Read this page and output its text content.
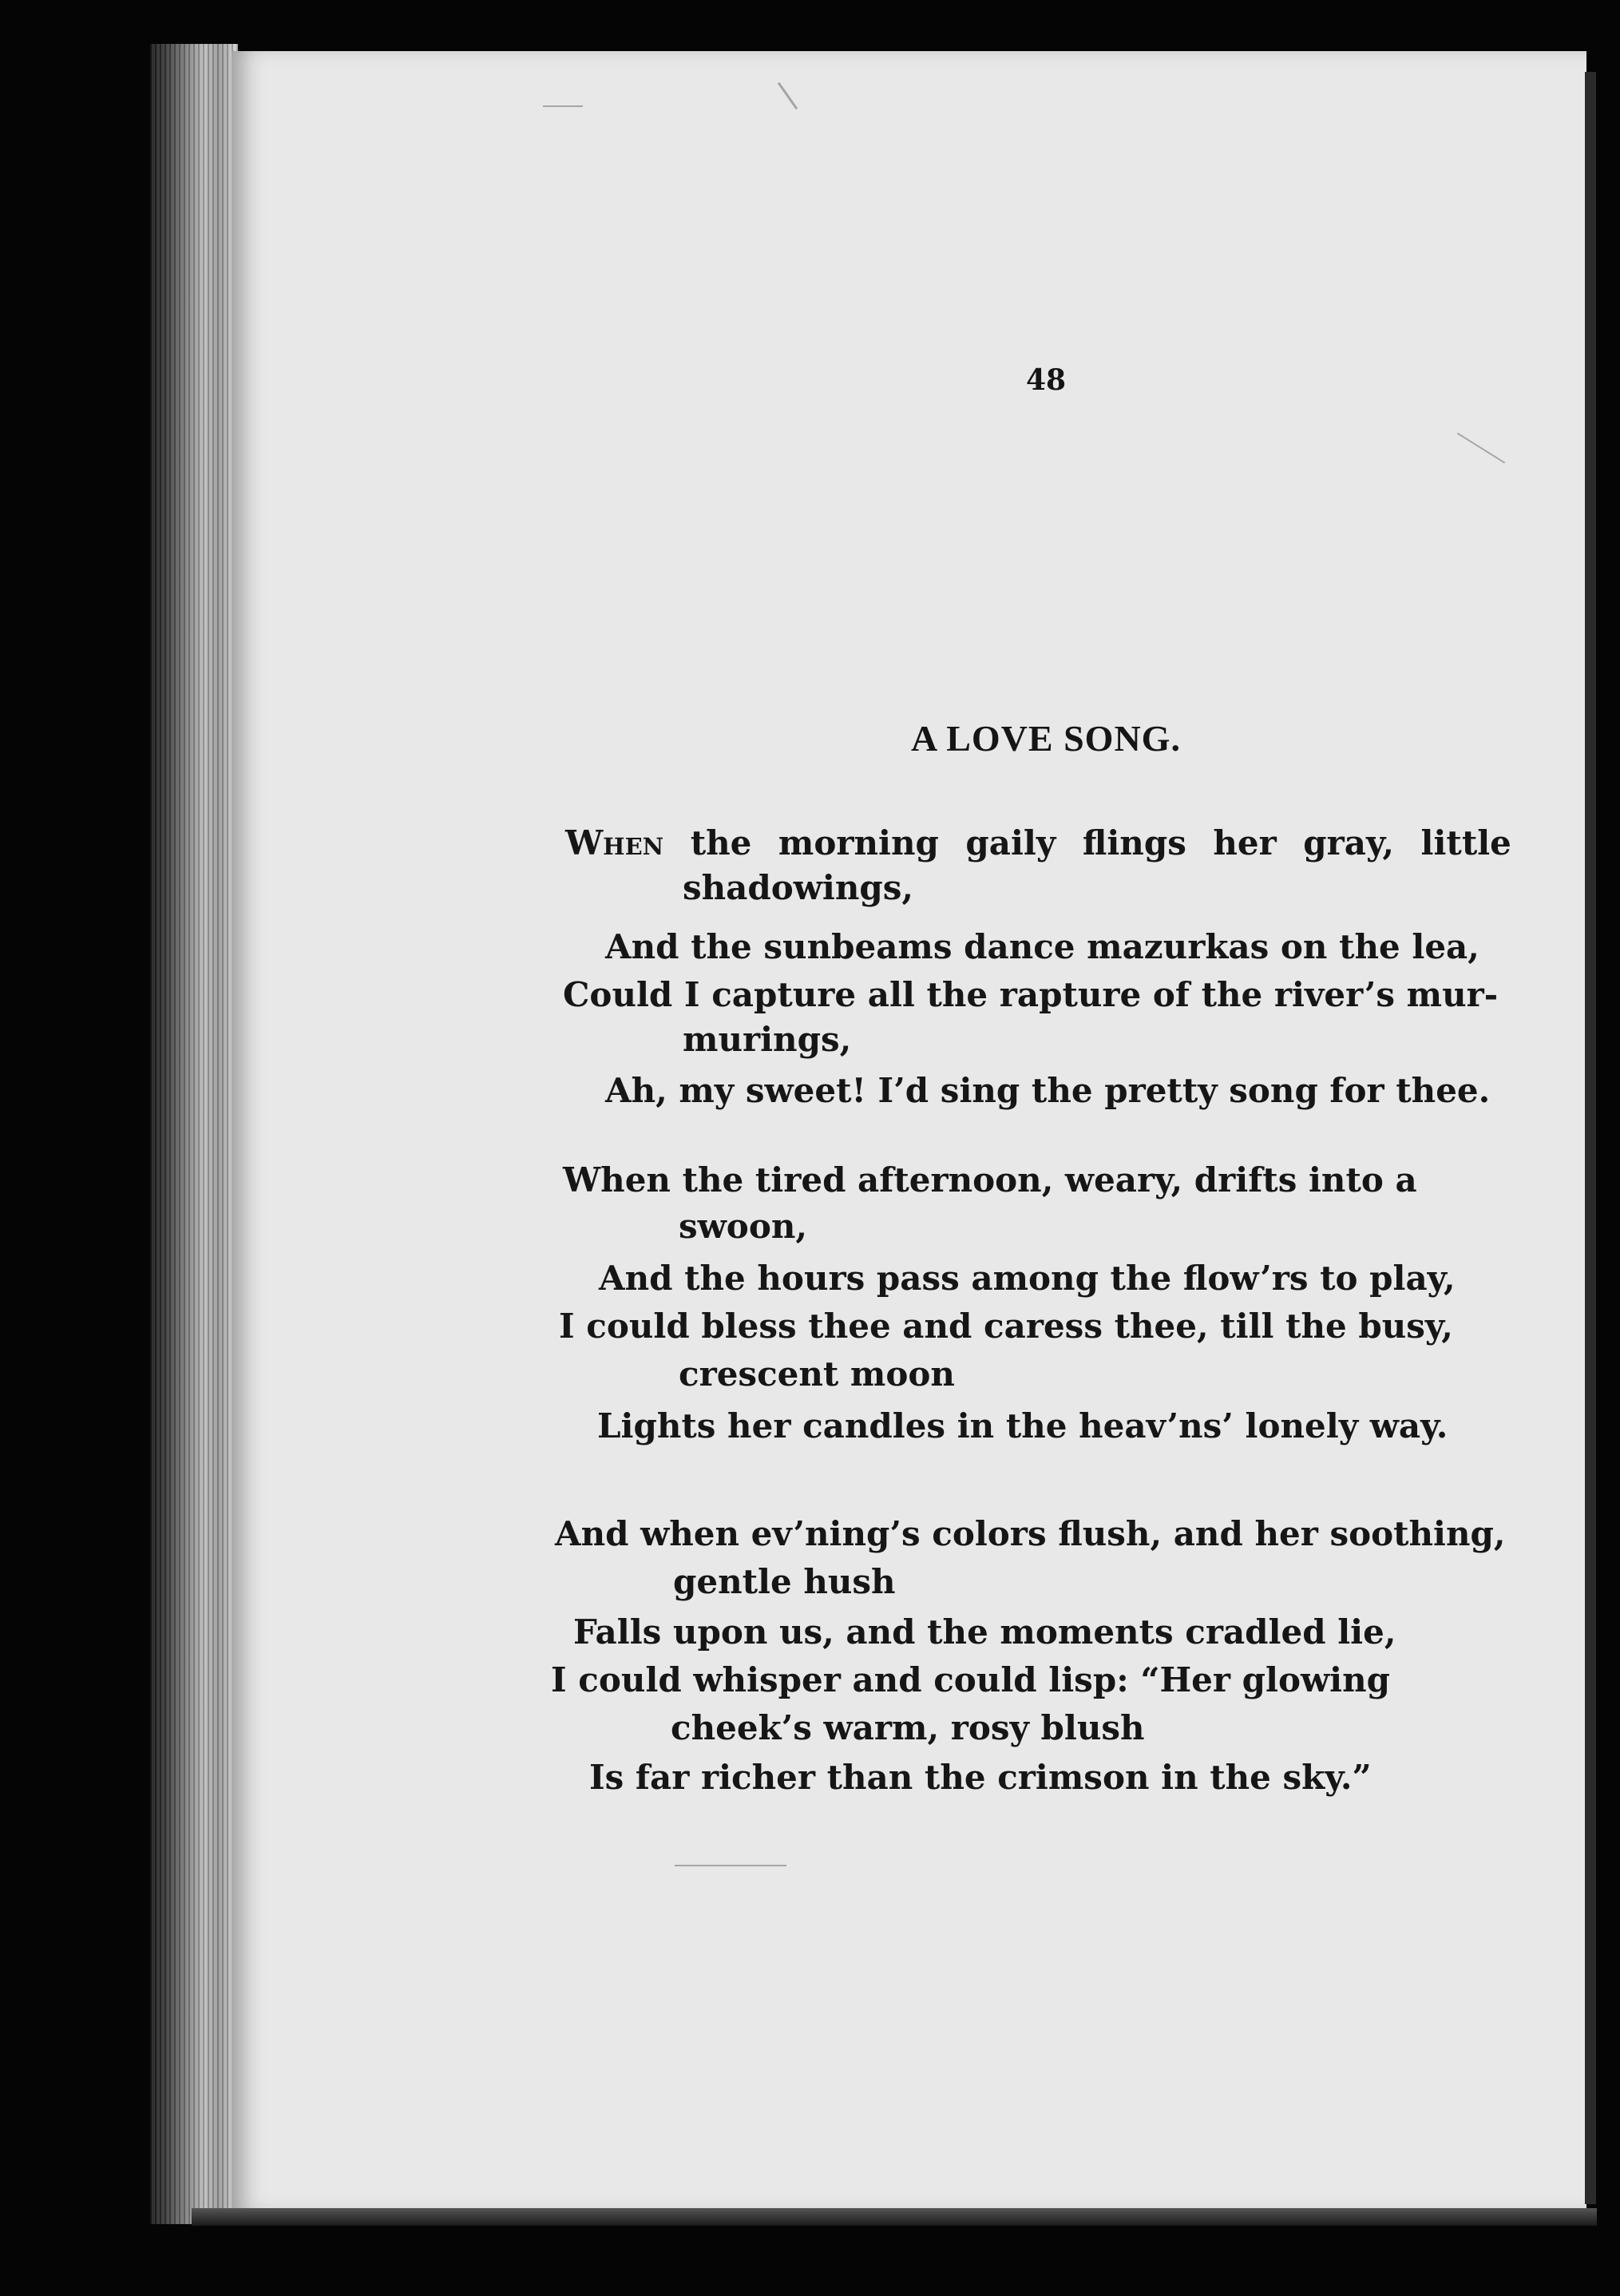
48
A LOVE SONG.
When the morning gaily flings her gray, little
shadowings,
And the sunbeams dance mazurkas on the lea,
Could I capture all the rapture of the river’s mur-
murings,
Ah, my sweet! I’d sing the pretty song for thee.
When the tired afternoon, weary, drifts into a
swoon,
And the hours pass among the flow’rs to play,
I could bless thee and caress thee, till the busy,
crescent moon
Lights her candles in the heav’ns’ lonely way.
And when ev’ning’s colors flush, and her soothing,
gentle hush
Falls upon us, and the moments cradled lie,
I could whisper and could lisp: “Her glowing
cheek’s warm, rosy blush
Is far richer than the crimson in the sky.”
